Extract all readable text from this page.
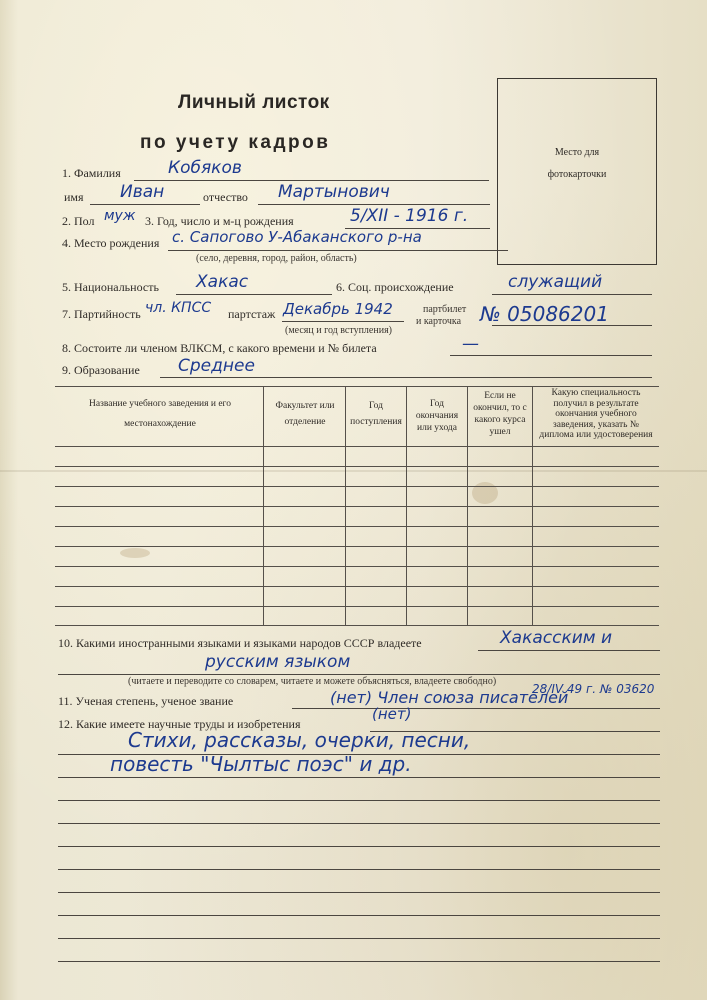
Личный листок
по учету кадров	Место для
фотокарточки
1. Фамилия	Кобяков
имя Иван	отчество Мартынович
2. Пол муж 3. Год, число и м-ц рождения	5/XII - 1916 г.
4. Место рождения с. Сапогово У-Абаканского р-на
(село, деревня, город, район, область)
5. Национальность Хакас	6. Соц. происхождение	служащий
7. Партийность чл. КПСС партстаж Декабрь 1942
(месяц и год вступления)
партбилет
и карточка № 05086201
8. Состоите ли членом ВЛКСМ, с какого времени и № билета	—
9. Образование Среднее
Название учебного заведения и его местонахождение
Факультет или отделение
Год поступления
Год окончания или ухода
Если не окончил, то с какого курса ушел
Какую специальность получил в результате окончания учебного заведения, указать № диплома или удостоверения
10. Какими иностранными языками и языками народов СССР владеете	Хакасским и
русским языком
(читаете и переводите со словарем, читаете и можете объясняться, владеете свободно)
11. Ученая степень, ученое звание	(нет) Член союза писателей
28/IV 49 г. № 03620
12. Какие имеете научные труды и изобретения
(нет)
Стихи, рассказы, очерки, песни,
повесть "Чылтыс поэс" и др.
